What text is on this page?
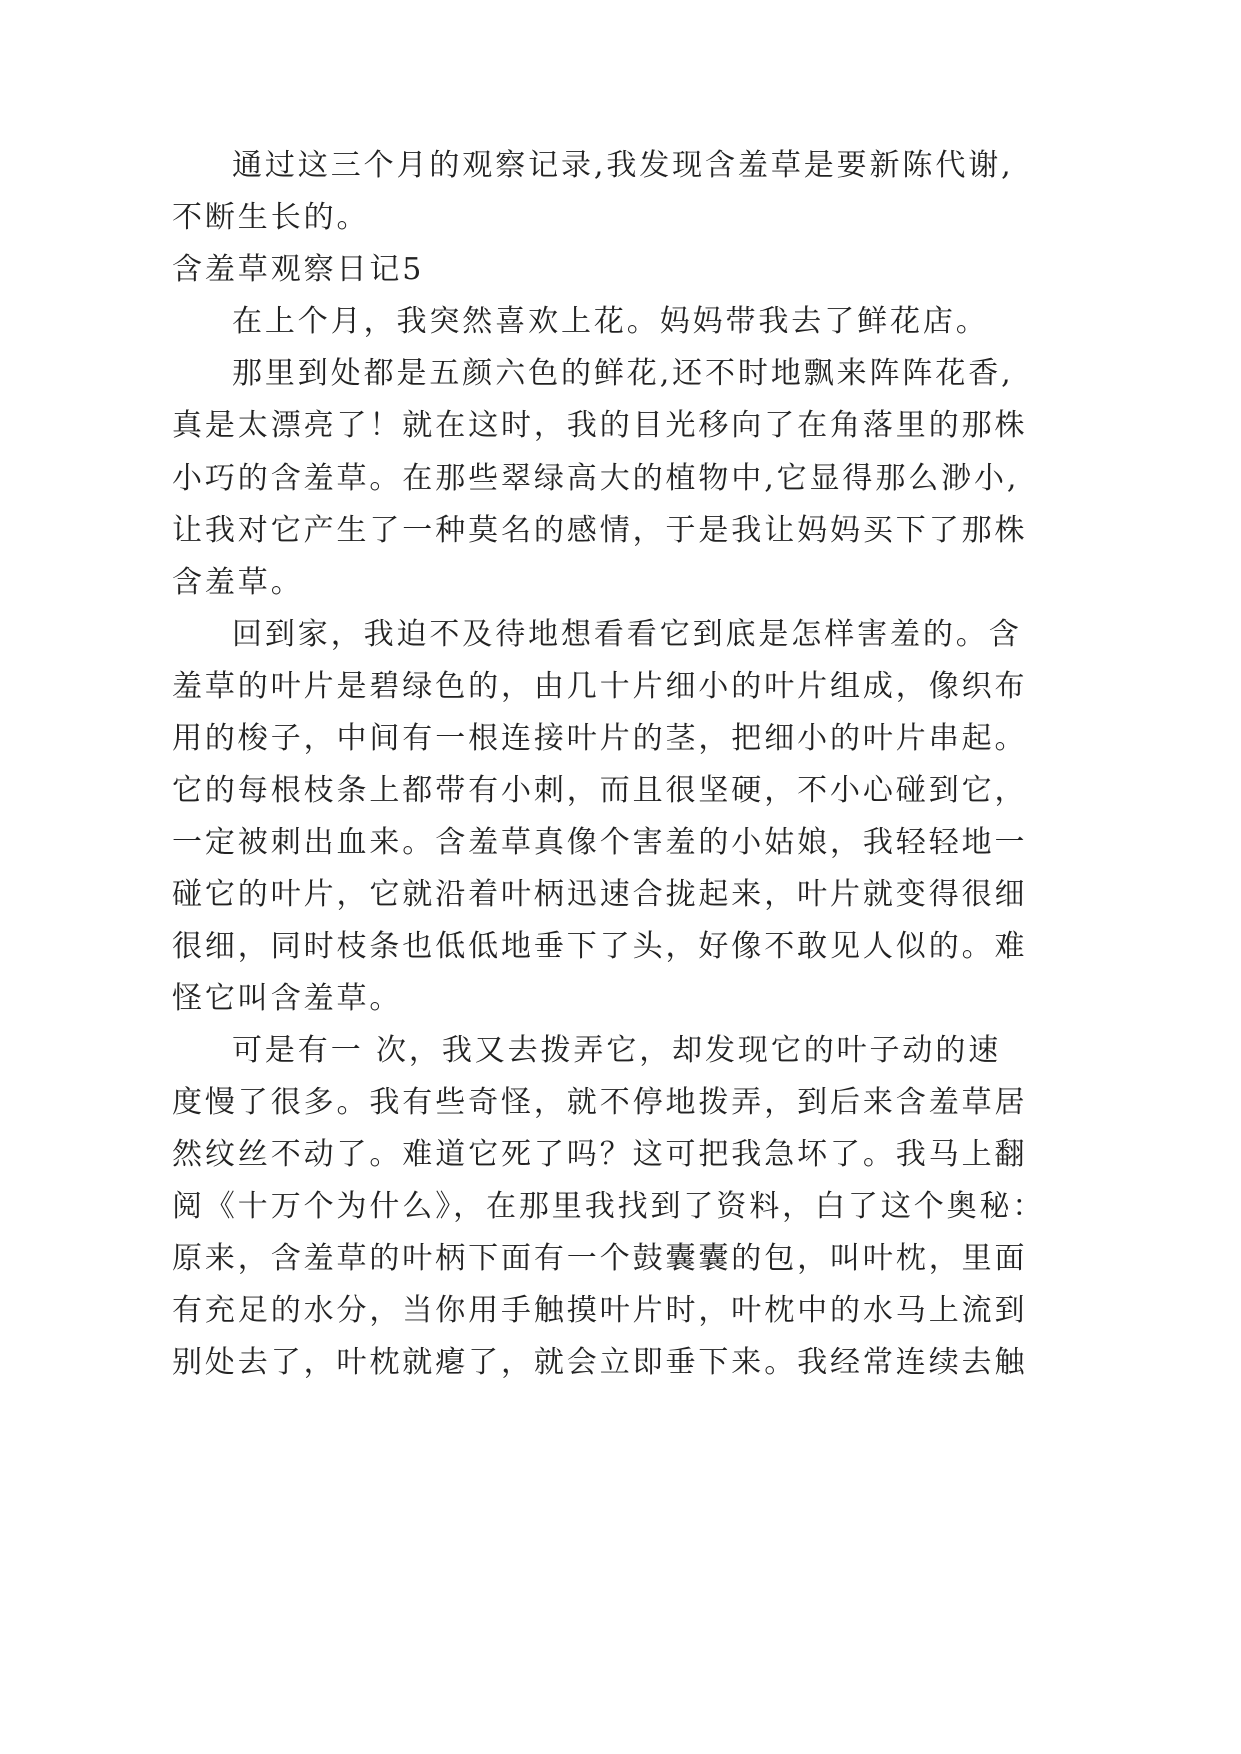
通过这三个月的观察记录,我发现含羞草是要新陈代谢,

不断生长的。

含羞草观察日记5

在上个月，我突然喜欢上花。妈妈带我去了鲜花店。

那里到处都是五颜六色的鲜花,还不时地飘来阵阵花香,

真是太漂亮了！就在这时，我的目光移向了在角落里的那株

小巧的含羞草。在那些翠绿高大的植物中,它显得那么渺小,

让我对它产生了一种莫名的感情，于是我让妈妈买下了那株

含羞草。

回到家，我迫不及待地想看看它到底是怎样害羞的。含

羞草的叶片是碧绿色的，由几十片细小的叶片组成，像织布

用的梭子，中间有一根连接叶片的茎，把细小的叶片串起。

它的每根枝条上都带有小刺，而且很坚硬，不小心碰到它，

一定被刺出血来。含羞草真像个害羞的小姑娘，我轻轻地一

碰它的叶片，它就沿着叶柄迅速合拢起来，叶片就变得很细

很细，同时枝条也低低地垂下了头，好像不敢见人似的。难

怪它叫含羞草。

可是有一 次，我又去拨弄它，却发现它的叶子动的速

度慢了很多。我有些奇怪，就不停地拨弄，到后来含羞草居

然纹丝不动了。难道它死了吗？这可把我急坏了。我马上翻

阅《十万个为什么》，在那里我找到了资料，白了这个奥秘：

原来，含羞草的叶柄下面有一个鼓囊囊的包，叫叶枕，里面

有充足的水分，当你用手触摸叶片时，叶枕中的水马上流到

别处去了，叶枕就瘪了，就会立即垂下来。我经常连续去触
